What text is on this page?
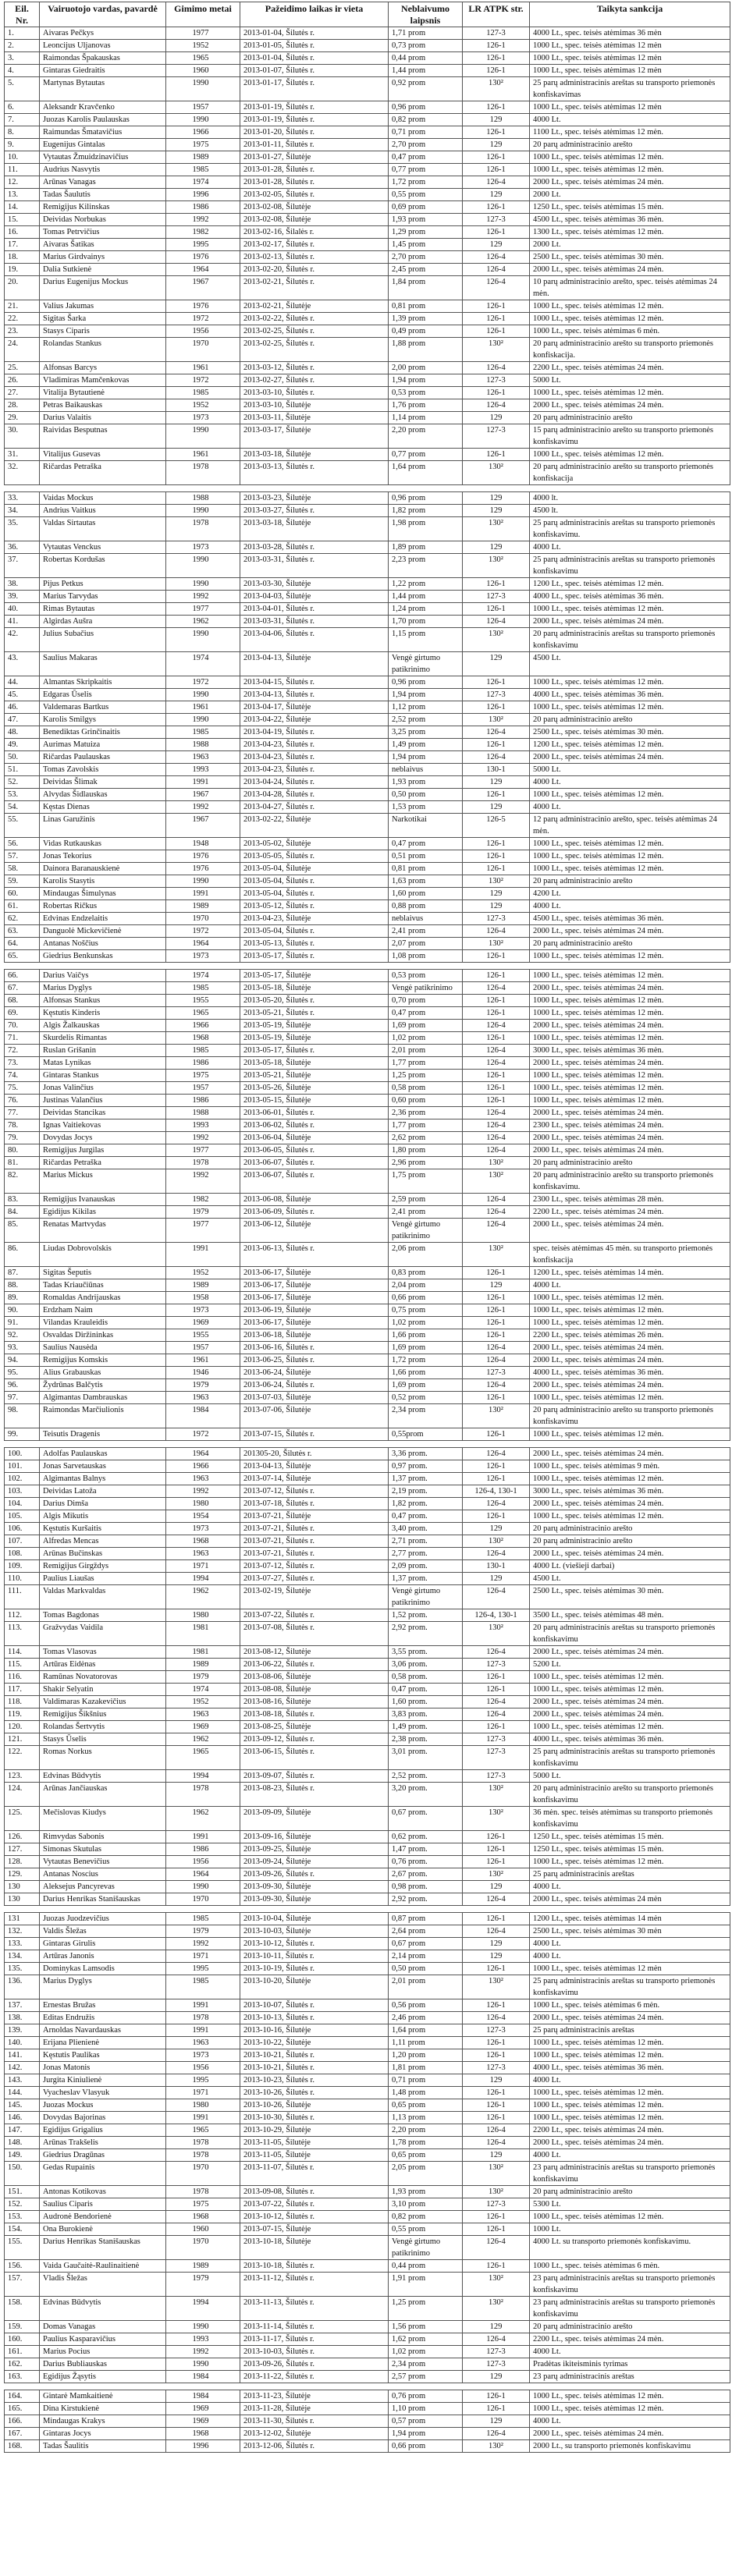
Eil. Nr.	Vairuotojo vardas, pavardė	Gimimo metai	Pažeidimo laikas ir vieta	Neblaivumo laipsnis	LR ATPK str.	Taikyta sankcija
1.	Aivaras Pečkys	1977	2013-01-04, Šilutės r.	1,71 prom	127-3	4000 Lt., spec. teisės atėmimas 36 mėn
2.	Leoncijus Uljanovas	1952	2013-01-05, Šilutės r.	0,73 prom	126-1	1000 Lt., spec. teisės atėmimas 12 mėn
3.	Raimondas Špakauskas	1965	2013-01-04, Šilutės r.	0,44 prom	126-1	1000 Lt., spec. teisės atėmimas 12 mėn
4.	Gintaras Giedraitis	1960	2013-01-07, Šilutės r.	1,44 prom	126-1	1000 Lt., spec. teisės atėmimas 12 mėn
5.	Martynas Bytautas	1990	2013-01-17, Šilutės r.	0,92 prom	130²	25 parų administracinis areštas su transporto priemonės konfiskavimas
6.	Aleksandr Kravčenko	1957	2013-01-19, Šilutės r.	0,96 prom	126-1	1000 Lt., spec. teisės atėmimas 12 mėn
7.	Juozas Karolis Paulauskas	1990	2013-01-19, Šilutės r.	0,82 prom	129	4000 Lt.
8.	Raimundas Šmatavičius	1966	2013-01-20, Šilutės r.	0,71 prom	126-1	1100 Lt., spec. teisės atėmimas 12 mėn.
9.	Eugenijus Gintalas	1975	2013-01-11, Šilutės r.	2,70 prom	129	20 parų administracinio arešto
10.	Vytautas Žmuidzinavičius	1989	2013-01-27, Šilutėje	0,47 prom	126-1	1000 Lt., spec. teisės atėmimas 12 mėn.
11.	Audrius Nasvytis	1985	2013-01-28, Šilutės r.	0,77 prom	126-1	1000 Lt., spec. teisės atėmimas 12 mėn.
12.	Arūnas Vanagas	1974	2013-01-28, Šilutės r.	1,72 prom	126-4	2000 Lt., spec. teisės atėmimas 24 mėn.
13.	Tadas Šaulutis	1996	2013-02-05, Šilutės r.	0,55 prom	129	2000 Lt.
14.	Remigijus Kilinskas	1986	2013-02-08, Šilutėje	0,69 prom	126-1	1250 Lt., spec. teisės atėmimas 15 mėn.
15.	Deividas Norbukas	1992	2013-02-08, Šilutėje	1,93 prom	127-3	4500 Lt., spec. teisės atėmimas 36 mėn.
16.	Tomas Petrvičius	1982	2013-02-16, Šilalės r.	1,29 prom	126-1	1300 Lt., spec. teisės atėmimas 12 mėn.
17.	Aivaras Šatikas	1995	2013-02-17, Šilutės r.	1,45 prom	129	2000 Lt.
18.	Marius Girdvainys	1976	2013-02-13, Šilutės r.	2,70 prom	126-4	2500 Lt., spec. teisės atėmimas 30 mėn.
19.	Dalia Sutkienė	1964	2013-02-20, Šilutės r.	2,45 prom	126-4	2000 Lt., spec. teisės atėmimas 24 mėn.
20.	Darius Eugenijus Mockus	1967	2013-02-21, Šilutės r.	1,84 prom	126-4	10 parų administracinio arešto, spec. teisės atėmimas 24 mėn.
21.	Valius Jakumas	1976	2013-02-21, Šilutėje	0,81 prom	126-1	1000 Lt., spec. teisės atėmimas 12 mėn.
22.	Sigitas Šarka	1972	2013-02-22, Šilutės r.	1,39 prom	126-1	1000 Lt., spec. teisės atėmimas 12 mėn.
23.	Stasys Ciparis	1956	2013-02-25, Šilutės r.	0,49 prom	126-1	1000 Lt., spec. teisės atėmimas 6 mėn.
24.	Rolandas Stankus	1970	2013-02-25, Šilutės r.	1,88 prom	130²	20 parų administracinio arešto su transporto priemonės konfiskacija.
25.	Alfonsas Barcys	1961	2013-03-12, Šilutės r.	2,00 prom	126-4	2200 Lt., spec. teisės atėmimas 24 mėn.
26.	Vladimiras Mamčenkovas	1972	2013-02-27, Šilutės r.	1,94 prom	127-3	5000 Lt.
27.	Vitalija Bytautienė	1985	2013-03-10, Šilutės r.	0,53 prom	126-1	1000 Lt., spec. teisės atėmimas 12 mėn.
28.	Petras Baikauskas	1952	2013-03-10, Šilutėje	1,76 prom	126-4	2000 Lt., spec. teisės atėmimas 24 mėn.
29.	Darius Valaitis	1973	2013-03-11, Šilutėje	1,14 prom	129	20 parų administracinio arešto
30.	Raividas Besputnas	1990	2013-03-17, Šilutėje	2,20 prom	127-3	15 parų administracinio arešto su transporto priemonės konfiskavimu
31.	Vitalijus Gusevas	1961	2013-03-18, Šilutėje	0,77 prom	126-1	1000 Lt., spec. teisės atėmimas 12 mėn.
32.	Ričardas Petraška	1978	2013-03-13, Šilutės r.	1,64 prom	130²	20 parų administracinio arešto su transporto priemonės konfiskacija

33.	Vaidas Mockus	1988	2013-03-23, Šilutėje	0,96 prom	129	4000 lt.
34.	Andrius Vaitkus	1990	2013-03-27, Šilutės r.	1,82 prom	129	4500 lt.
35.	Valdas Sirtautas	1978	2013-03-18, Šilutėje	1,98 prom	130²	25 parų administracinis areštas su transporto priemonės konfiskavimu.
36.	Vytautas Venckus	1973	2013-03-28, Šilutės r.	1,89 prom	129	4000 Lt.
37.	Robertas Kordušas	1990	2013-03-31, Šilutės r.	2,23 prom	130²	25 parų administracinis areštas su transporto priemonės konfiskavimu
38.	Pijus Petkus	1990	2013-03-30, Šilutėje	1,22 prom	126-1	1200 Lt., spec. teisės atėmimas 12 mėn.
39.	Marius Tarvydas	1992	2013-04-03, Šilutėje	1,44 prom	127-3	4000 Lt., spec. teisės atėmimas 36 mėn.
40.	Rimas Bytautas	1977	2013-04-01, Šilutės r.	1,24 prom	126-1	1000 Lt., spec. teisės atėmimas 12 mėn.
41.	Algirdas Aušra	1962	2013-03-31, Šilutės r.	1,70 prom	126-4	2000 Lt., spec. teisės atėmimas 24 mėn.
42.	Julius Subačius	1990	2013-04-06, Šilutės r.	1,15 prom	130²	20 parų administracinis areštas su transporto priemonės konfiskavimu
43.	Saulius Makaras	1974	2013-04-13, Šilutėje	Vengė girtumo patikrinimo	129	4500 Lt.
44.	Almantas Skripkaitis	1972	2013-04-15, Šilutės r.	0,96 prom	126-1	1000 Lt., spec. teisės atėmimas 12 mėn.
45.	Edgaras Ūselis	1990	2013-04-13, Šilutės r.	1,94 prom	127-3	4000 Lt., spec. teisės atėmimas 36 mėn.
46.	Valdemaras Bartkus	1961	2013-04-17, Šilutėje	1,12 prom	126-1	1000 Lt., spec. teisės atėmimas 12 mėn.
47.	Karolis Smilgys	1990	2013-04-22, Šilutėje	2,52 prom	130²	20 parų administracinio arešto
48.	Benediktas Grinčinaitis	1985	2013-04-19, Šilutės r.	3,25 prom	126-4	2500 Lt., spec. teisės atėmimas 30 mėn.
49.	Aurimas Matuiza	1988	2013-04-23, Šilutės r.	1,49 prom	126-1	1200 Lt., spec. teisės atėmimas 12 mėn.
50.	Ričardas Paulauskas	1963	2013-04-23, Šilutės r.	1,94 prom	126-4	2000 Lt., spec. teisės atėmimas 24 mėn.
51.	Tomas Zavolskis	1993	2013-04-23, Šilutės r.	neblaivus	130-1	5000 Lt.
52.	Deividas Šlimak	1991	2013-04-24, Šilutės r.	1,93 prom	129	4000 Lt.
53.	Alvydas Šidlauskas	1967	2013-04-28, Šilutės r.	0,50 prom	126-1	1000 Lt., spec. teisės atėmimas 12 mėn.
54.	Kęstas Dienas	1992	2013-04-27, Šilutės r.	1,53 prom	129	4000 Lt.
55.	Linas Garužinis	1967	2013-02-22, Šilutėje	Narkotikai	126-5	12 parų administracinio arešto, spec. teisės atėmimas 24 mėn.
56.	Vidas Rutkauskas	1948	2013-05-02, Šilutėje	0,47 prom	126-1	1000 Lt., spec. teisės atėmimas 12 mėn.
57.	Jonas Tekorius	1976	2013-05-05, Šilutės r.	0,51 prom	126-1	1000 Lt., spec. teisės atėmimas 12 mėn.
58.	Dainora Baranauskienė	1976	2013-05-04, Šilutėje	0,81 prom	126-1	1000 Lt., spec. teisės atėmimas 12 mėn.
59.	Karolis Stasytis	1990	2013-05-04, Šilutės r.	1,63 prom	130²	20 parų administracinio arešto
60.	Mindaugas Šimulynas	1991	2013-05-04, Šilutės r.	1,60 prom	129	4200 Lt.
61.	Robertas Ričkus	1989	2013-05-12, Šilutės r.	0,88 prom	129	4000 Lt.
62.	Edvinas Endzelaitis	1970	2013-04-23, Šilutėje	neblaivus	127-3	4500 Lt., spec. teisės atėmimas 36 mėn.
63.	Danguolė Mickevičienė	1972	2013-05-04, Šilutės r.	2,41 prom	126-4	2000 Lt., spec. teisės atėmimas 24 mėn.
64.	Antanas Noščius	1964	2013-05-13, Šilutės r.	2,07 prom	130²	20 parų administracinio arešto
65.	Giedrius Benkunskas	1973	2013-05-17, Šilutės r.	1,08 prom	126-1	1000 Lt., spec. teisės atėmimas 12 mėn.

66.	Darius Vaičys	1974	2013-05-17, Šilutėje	0,53 prom	126-1	1000 Lt., spec. teisės atėmimas 12 mėn.
67.	Marius Dyglys	1985	2013-05-18, Šilutėje	Vengė patikrinimo	126-4	2000 Lt., spec. teisės atėmimas 24 mėn.
68.	Alfonsas Stankus	1955	2013-05-20, Šilutės r.	0,70 prom	126-1	1000 Lt., spec. teisės atėmimas 12 mėn.
69.	Kęstutis Kinderis	1965	2013-05-21, Šilutės r.	0,47 prom	126-1	1000 Lt., spec. teisės atėmimas 12 mėn.
70.	Algis Žalkauskas	1966	2013-05-19, Šilutėje	1,69 prom	126-4	2000 Lt., spec. teisės atėmimas 24 mėn.
71.	Skurdelis Rimantas	1968	2013-05-19, Šilutėje	1,02 prom	126-1	1000 Lt., spec. teisės atėmimas 12 mėn.
72.	Ruslan Grišanin	1985	2013-05-17, Šilutės r.	2,01 prom	126-4	3000 Lt., spec. teisės atėmimas 36 mėn.
73.	Matas Lynikas	1986	2013-05-18, Šilutėje	1,77 prom	126-4	2000 Lt., spec. teisės atėmimas 24 mėn.
74.	Gintaras Stankus	1975	2013-05-21, Šilutėje	1,25 prom	126-1	1000 Lt., spec. teisės atėmimas 12 mėn.
75.	Jonas Valinčius	1957	2013-05-26, Šilutėje	0,58 prom	126-1	1000 Lt., spec. teisės atėmimas 12 mėn.
76.	Justinas Valančius	1986	2013-05-15, Šilutėje	0,60 prom	126-1	1000 Lt., spec. teisės atėmimas 12 mėn.
77.	Deividas Stancikas	1988	2013-06-01, Šilutės r.	2,36 prom	126-4	2000 Lt., spec. teisės atėmimas 24 mėn.
78.	Ignas Vaitiekovas	1993	2013-06-02, Šilutės r.	1,77 prom	126-4	2300 Lt., spec. teisės atėmimas 24 mėn.
79.	Dovydas Jocys	1992	2013-06-04, Šilutėje	2,62 prom	126-4	2000 Lt., spec. teisės atėmimas 24 mėn.
80.	Remigijus Jurgilas	1977	2013-06-05, Šilutės r.	1,80 prom	126-4	2000 Lt., spec. teisės atėmimas 24 mėn.
81.	Ričardas Petraška	1978	2013-06-07, Šilutės r.	2,96 prom	130²	20 parų administracinio arešto
82.	Marius Mickus	1992	2013-06-07, Šilutės r.	1,75 prom	130²	20 parų administracinio arešto su transporto priemonės konfiskavimu.
83.	Remigijus Ivanauskas	1982	2013-06-08, Šilutėje	2,59 prom	126-4	2300 Lt., spec. teisės atėmimas 28 mėn.
84.	Egidijus Kikilas	1979	2013-06-09, Šilutės r.	2,41 prom	126-4	2200 Lt., spec. teisės atėmimas 24 mėn.
85.	Renatas Martvydas	1977	2013-06-12, Šilutėje	Vengė girtumo patikrinimo	126-4	2000 Lt., spec. teisės atėmimas 24 mėn.
86.	Liudas Dobrovolskis	1991	2013-06-13, Šilutės r.	2,06 prom	130²	spec. teisės atėmimas 45 mėn. su transporto priemonės konfiskacija
87.	Sigitas Šeputis	1952	2013-06-17, Šilutėje	0,83 prom	126-1	1200 Lt., spec. teisės atėmimas 14 mėn.
88.	Tadas Kriaučiūnas	1989	2013-06-17, Šilutėje	2,04 prom	129	4000 Lt.
89.	Romaldas Andrijauskas	1958	2013-06-17, Šilutėje	0,66 prom	126-1	1000 Lt., spec. teisės atėmimas 12 mėn.
90.	Erdzham Naim	1973	2013-06-19, Šilutėje	0,75 prom	126-1	1000 Lt., spec. teisės atėmimas 12 mėn.
91.	Vilandas Krauleidis	1969	2013-06-17, Šilutėje	1,02 prom	126-1	1000 Lt., spec. teisės atėmimas 12 mėn.
92.	Osvaldas Diržininkas	1955	2013-06-18, Šilutėje	1,66 prom	126-1	2200 Lt., spec. teisės atėmimas 26 mėn.
93.	Saulius Nausėda	1957	2013-06-16, Šilutės r.	1,69 prom	126-4	2000 Lt., spec. teisės atėmimas 24 mėn.
94.	Remigijus Komskis	1961	2013-06-25, Šilutės r.	1,72 prom	126-4	2000 Lt., spec. teisės atėmimas 24 mėn.
95.	Alius Grabauskas	1946	2013-06-24, Šilutėje	1,66 prom	127-3	4000 Lt., spec. teisės atėmimas 36 mėn.
96.	Žydrūnas Balčytis	1979	2013-06-24, Šilutės r.	1,69 prom	126-4	2000 Lt., spec. teisės atėmimas 24 mėn.
97.	Algimantas Dambrauskas	1963	2013-07-03, Šilutėje	0,52 prom	126-1	1000 Lt., spec. teisės atėmimas 12 mėn.
98.	Raimondas Marčiulionis	1984	2013-07-06, Šilutėje	2,34 prom	130²	20 parų administracinio arešto su transporto priemonės konfiskavimu
99.	Teisutis Dragenis	1972	2013-07-15, Šilutės r.	0,55prom	126-1	1000 Lt., spec. teisės atėmimas 12 mėn.

100.	Adolfas Paulauskas	1964	201305-20, Šilutės r.	3,36 prom.	126-4	2000 Lt., spec. teisės atėmimas 24 mėn.
101.	Jonas Sarvetauskas	1966	2013-04-13, Šilutėje	0,97 prom.	126-1	1000 Lt., spec. teisės atėmimas 9 mėn.
102.	Algimantas Balnys	1963	2013-07-14, Šilutėje	1,37 prom.	126-1	1000 Lt., spec. teisės atėmimas 12 mėn.
103.	Deividas Latoža	1992	2013-07-12, Šilutės r.	2,19 prom.	126-4, 130-1	3000 Lt., spec. teisės atėmimas 36 mėn.
104.	Darius Dimša	1980	2013-07-18, Šilutės r.	1,82 prom.	126-4	2000 Lt., spec. teisės atėmimas 24 mėn.
105.	Algis Mikutis	1954	2013-07-21, Šilutėje	0,47 prom.	126-1	1000 Lt., spec. teisės atėmimas 12 mėn.
106.	Kęstutis Kuršaitis	1973	2013-07-21, Šilutės r.	3,40 prom.	129	20 parų administracinio arešto
107.	Alfredas Mencas	1968	2013-07-21, Šilutės r.	2,71 prom.	130²	20 parų administracinio arešto
108.	Arūnas Bučinskas	1963	2013-07-21, Šilutės r.	2,77 prom.	126-4	2000 Lt., spec. teisės atėmimas 24 mėn.
109.	Remigijus Girgždys	1971	2013-07-12, Šilutės r.	2,09 prom.	130-1	4000 Lt. (viešieji darbai)
110.	Paulius Liaušas	1994	2013-07-27, Šilutės r.	1,37 prom.	129	4500 Lt.
111.	Valdas Markvaldas	1962	2013-02-19, Šilutėje	Vengė girtumo patikrinimo	126-4	2500 Lt., spec. teisės atėmimas 30 mėn.
112.	Tomas Bagdonas	1980	2013-07-22, Šilutės r.	1,52 prom.	126-4, 130-1	3500 Lt., spec. teisės atėmimas 48 mėn.
113.	Gražvydas Vaidila	1981	2013-07-08, Šilutės r.	2,92 prom.	130²	20 parų administracinis areštas su transporto priemonės konfiskavimu
114.	Tomas Vlasovas	1981	2013-08-12, Šilutėje	3,55 prom.	126-4	2000 Lt., spec. teisės atėmimas 24 mėn.
115.	Artūras Eidėnas	1989	2013-06-22, Šilutės r.	3,06 prom.	127-3	5200 Lt.
116.	Ramūnas Novatorovas	1979	2013-08-06, Šilutėje	0,58 prom.	126-1	1000 Lt., spec. teisės atėmimas 12 mėn.
117.	Shakir Selyatin	1974	2013-08-08, Šilutėje	0,47 prom.	126-1	1000 Lt., spec. teisės atėmimas 12 mėn.
118.	Valdimaras Kazakevičius	1952	2013-08-16, Šilutėje	1,60 prom.	126-4	2000 Lt., spec. teisės atėmimas 24 mėn.
119.	Remigijus Šikšnius	1963	2013-08-18, Šilutės r.	3,83 prom.	126-4	2000 Lt., spec. teisės atėmimas 24 mėn.
120.	Rolandas Šertvytis	1969	2013-08-25, Šilutėje	1,49 prom.	126-1	1000 Lt., spec. teisės atėmimas 12 mėn.
121.	Stasys Ūselis	1962	2013-09-12, Šilutės r.	2,38 prom.	127-3	4000 Lt., spec. teisės atėmimas 36 mėn.
122.	Romas Norkus	1965	2013-06-15, Šilutės r.	3,01 prom.	127-3	25 parų administracinis areštas su transporto priemonės konfiskavimu
123.	Edvinas Būdvytis	1994	2013-09-07, Šilutės r.	2,52 prom.	127-3	5000 Lt.
124.	Arūnas Jančiauskas	1978	2013-08-23, Šilutės r.	3,20 prom.	130²	20 parų administracinio arešto su transporto priemonės konfiskavimu
125.	Mečislovas Kiudys	1962	2013-09-09, Šilutėje	0,67 prom.	130²	36 mėn. spec. teisės atėmimas su transporto priemonės konfiskavimu
126.	Rimvydas Sabonis	1991	2013-09-16, Šilutėje	0,62 prom.	126-1	1250 Lt., spec. teisės atėmimas 15 mėn.
127.	Simonas Skutulas	1986	2013-09-25, Šilutėje	1,47 prom.	126-1	1250 Lt., spec. teisės atėmimas 15 mėn.
128.	Vytautas Benevičius	1956	2013-09-24, Šilutėje	0,76 prom.	126-1	1000 Lt., spec. teisės atėmimas 12 mėn.
129.	Antanas Noscius	1964	2013-09-26, Šilutės r.	2,67 prom.	130²	25 parų administracinis areštas
130	Aleksejus Pancyrevas	1990	2013-09-30, Šilutėje	0,98 prom.	129	4000 Lt.
130	Darius Henrikas Stanišauskas	1970	2013-09-30, Šilutėje	2,92 prom.	126-4	2000 Lt., spec. teisės atėmimas 24 mėn

131	Juozas Juodzevičius	1985	2013-10-04, Šilutėje	0,87 prom	126-1	1200 Lt., spec. teisės atėmimas 14 mėn
132.	Valdis Šležas	1979	2013-10-03, Šilutėje	2,64 prom	126-4	2500 Lt., spec. teisės atėmimas 30 mėn
133.	Gintaras Girulis	1992	2013-10-12, Šilutės r.	0,67 prom	129	4000 Lt.
134.	Artūras Janonis	1971	2013-10-11, Šilutės r.	2,14 prom	129	4000 Lt.
135.	Dominykas Lamsodis	1995	2013-10-19, Šilutės r.	0,50 prom	126-1	1000 Lt., spec. teisės atėmimas 12 mėn
136.	Marius Dyglys	1985	2013-10-20, Šilutėje	2,01 prom	130²	25 parų administracinis areštas su transporto priemonės konfiskavimu
137.	Ernestas Bružas	1991	2013-10-07, Šilutės r.	0,56 prom	126-1	1000 Lt., spec. teisės atėmimas 6 mėn.
138.	Editas Endružis	1978	2013-10-13, Šilutės r.	2,46 prom	126-4	2000 Lt., spec. teisės atėmimas 24 mėn.
139.	Arnoldas Navardauskas	1991	2013-10-16, Šilutėje	1,64 prom	127-3	25 parų administracinis areštas
140.	Erijana Plienienė	1963	2013-10-22, Šilutėje	1,11 prom	126-1	1000 Lt., spec. teisės atėmimas 12 mėn.
141.	Kęstutis Paulikas	1973	2013-10-21, Šilutės r.	1,20 prom	126-1	1000 Lt., spec. teisės atėmimas 12 mėn.
142.	Jonas Matonis	1956	2013-10-21, Šilutės r.	1,81 prom	127-3	4000 Lt., spec. teisės atėmimas 36 mėn.
143.	Jurgita Kiniulienė	1995	2013-10-23, Šilutės r.	0,71 prom	129	4000 Lt.
144.	Vyacheslav Vlasyuk	1971	2013-10-26, Šilutės r.	1,48 prom	126-1	1000 Lt., spec. teisės atėmimas 12 mėn.
145.	Juozas Mockus	1980	2013-10-26, Šilutėje	0,65 prom	126-1	1000 Lt., spec. teisės atėmimas 12 mėn.
146.	Dovydas Bajorinas	1991	2013-10-30, Šilutės r.	1,13 prom	126-1	1000 Lt., spec. teisės atėmimas 12 mėn.
147.	Egidijus Grigalius	1965	2013-10-29, Šilutėje	2,20 prom	126-4	2200 Lt., spec. teisės atėmimas 24 mėn.
148.	Arūnas Trakšelis	1978	2013-11-05, Šilutėje	1,78 prom	126-4	2000 Lt., spec. teisės atėmimas 24 mėn.
149.	Giedrius Dragūnas	1978	2013-11-05, Šilutėje	0,65 prom	129	4000 Lt.
150.	Gedas Rupainis	1970	2013-11-07, Šilutės r.	2,05 prom	130²	23 parų administracinis areštas su transporto priemonės konfiskavimu
151.	Antonas Kotikovas	1978	2013-09-08, Šilutės r.	1,93 prom	130²	20 parų administracinio arešto
152.	Saulius Ciparis	1975	2013-07-22, Šilutės r.	3,10 prom	127-3	5300 Lt.
153.	Audronė Bendorienė	1968	2013-10-12, Šilutės r.	0,82 prom	126-1	1000 Lt., spec. teisės atėmimas 12 mėn.
154.	Ona Burokienė	1960	2013-07-15, Šilutėje	0,55 prom	126-1	1000 Lt.
155.	Darius Henrikas Stanišauskas	1970	2013-10-18, Šilutėje	Vengė girtumo patikrinimo	126-4	4000 Lt. su transporto priemonės konfiskavimu.
156.	Vaida Gaučaitė-Raulinaitienė	1989	2013-10-18, Šilutės r.	0,44 prom	126-1	1000 Lt., spec. teisės atėmimas 6 mėn.
157.	Vladis Šležas	1979	2013-11-12, Šilutės r.	1,91 prom	130²	23 parų administracinis areštas su transporto priemonės konfiskavimu
158.	Edvinas Būdvytis	1994	2013-11-13, Šilutės r.	1,25 prom	130²	23 parų administracinis areštas su transporto priemonės konfiskavimu
159.	Domas Vanagas	1990	2013-11-14, Šilutės r.	1,56 prom	129	20 parų administracinio arešto
160.	Paulius Kasparavičius	1993	2013-11-17, Šilutės r.	1,62 prom	126-4	2200 Lt., spec. teisės atėmimas 24 mėn.
161.	Marius Pocius	1992	2013-10-03, Šilutės r.	1,02 prom	127-3	4000 Lt.
162.	Darius Bubliauskas	1990	2013-09-26, Šilutės r.	2,34 prom	127-3	Pradėtas ikiteisminis tyrimas
163.	Egidijus Žąsytis	1984	2013-11-22, Šilutės r.	2,57 prom	129	23 parų administracinis areštas

164.	Gintarė Mamkaitienė	1984	2013-11-23, Šilutėje	0,76 prom	126-1	1000 Lt., spec. teisės atėmimas 12 mėn.
165.	Dina Kirstukienė	1969	2013-11-28, Šilutėje	1,10 prom	126-1	1000 Lt., spec. teisės atėmimas 12 mėn.
166.	Mindaugas Krakys	1969	2013-11-30, Šilutės r.	0,57 prom	129	4000 Lt.
167.	Gintaras Jocys	1968	2013-12-02, Šilutėje	1,94 prom	126-4	2000 Lt., spec. teisės atėmimas 24 mėn.
168.	Tadas Šaulitis	1996	2013-12-06, Šilutės r.	0,66 prom	130²	2000 Lt., su transporto priemonės konfiskavimu
